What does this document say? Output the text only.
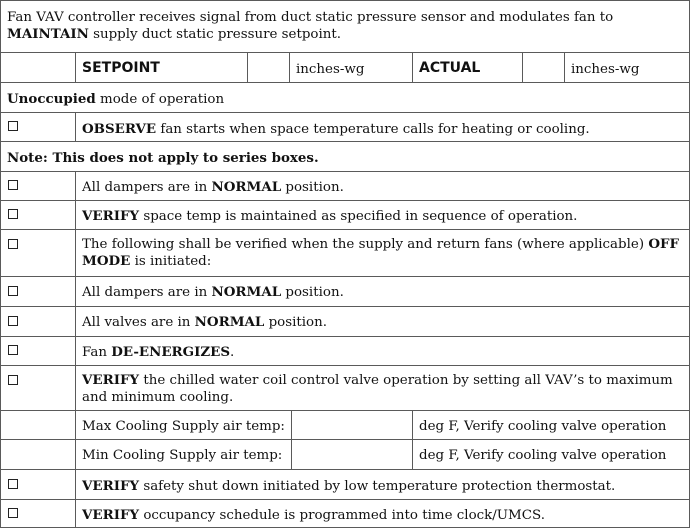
Fan VAV controller receives signal from duct static pressure sensor and modulates fan to MAINTAIN supply duct static pressure setpoint.
SETPOINT	inches-wg	ACTUAL	inches-wg
Unoccupied mode of operation
OBSERVE fan starts when space temperature calls for heating or cooling.
Note: This does not apply to series boxes.
All dampers are in NORMAL position.
VERIFY space temp is maintained as specified in sequence of operation.
The following shall be verified when the supply and return fans (where applicable) OFF MODE is initiated:
All dampers are in NORMAL position.
All valves are in NORMAL position.
Fan DE-ENERGIZES.
VERIFY the chilled water coil control valve operation by setting all VAV’s to maximum and minimum cooling.
Max Cooling Supply air temp:	deg F, Verify cooling valve operation
Min Cooling Supply air temp:	deg F, Verify cooling valve operation
VERIFY safety shut down initiated by low temperature protection thermostat.
VERIFY occupancy schedule is programmed into time clock/UMCS.
